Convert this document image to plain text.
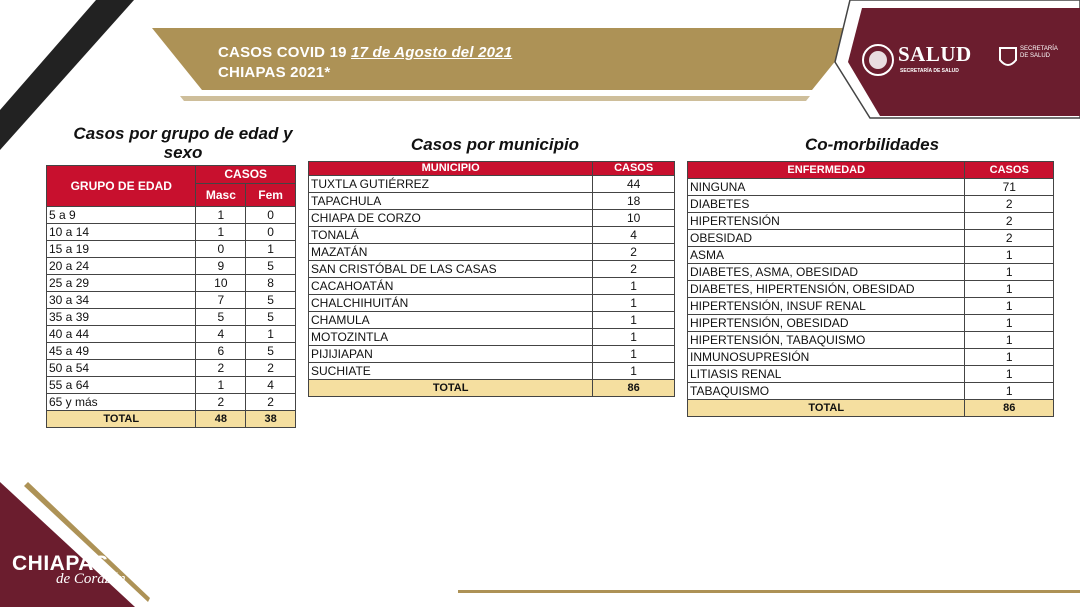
CASOS COVID 19 17 de Agosto del 2021
CHIAPAS 2021*
SALUD
SECRETARÍA DE SALUD
SECRETARÍA
DE SALUD
Casos por grupo de edad y sexo	Casos por municipio	Co-morbilidades
GRUPO DE EDAD	CASOS	
	Masc	Fem
5 a 9	1	0
10 a 14	1	0
15 a 19	0	1
20 a 24	9	5
25 a 29	10	8
30 a 34	7	5
35 a 39	5	5
40 a 44	4	1
45 a 49	6	5
50 a 54	2	2
55 a 64	1	4
65 y más	2	2
TOTAL	48	38
MUNICIPIO	CASOS
TUXTLA GUTIÉRREZ	44
TAPACHULA	18
CHIAPA DE CORZO	10
TONALÁ	4
MAZATÁN	2
SAN CRISTÓBAL DE LAS CASAS	2
CACAHOATÁN	1
CHALCHIHUITÁN	1
CHAMULA	1
MOTOZINTLA	1
PIJIJIAPAN	1
SUCHIATE	1
TOTAL	86
ENFERMEDAD	CASOS
NINGUNA	71
DIABETES	2
HIPERTENSIÓN	2
OBESIDAD	2
ASMA	1
DIABETES, ASMA, OBESIDAD	1
DIABETES, HIPERTENSIÓN, OBESIDAD	1
HIPERTENSIÓN, INSUF RENAL	1
HIPERTENSIÓN, OBESIDAD	1
HIPERTENSIÓN, TABAQUISMO	1
INMUNOSUPRESIÓN	1
LITIASIS RENAL	1
TABAQUISMO	1
TOTAL	86
CHIAPAS
de Corazón
